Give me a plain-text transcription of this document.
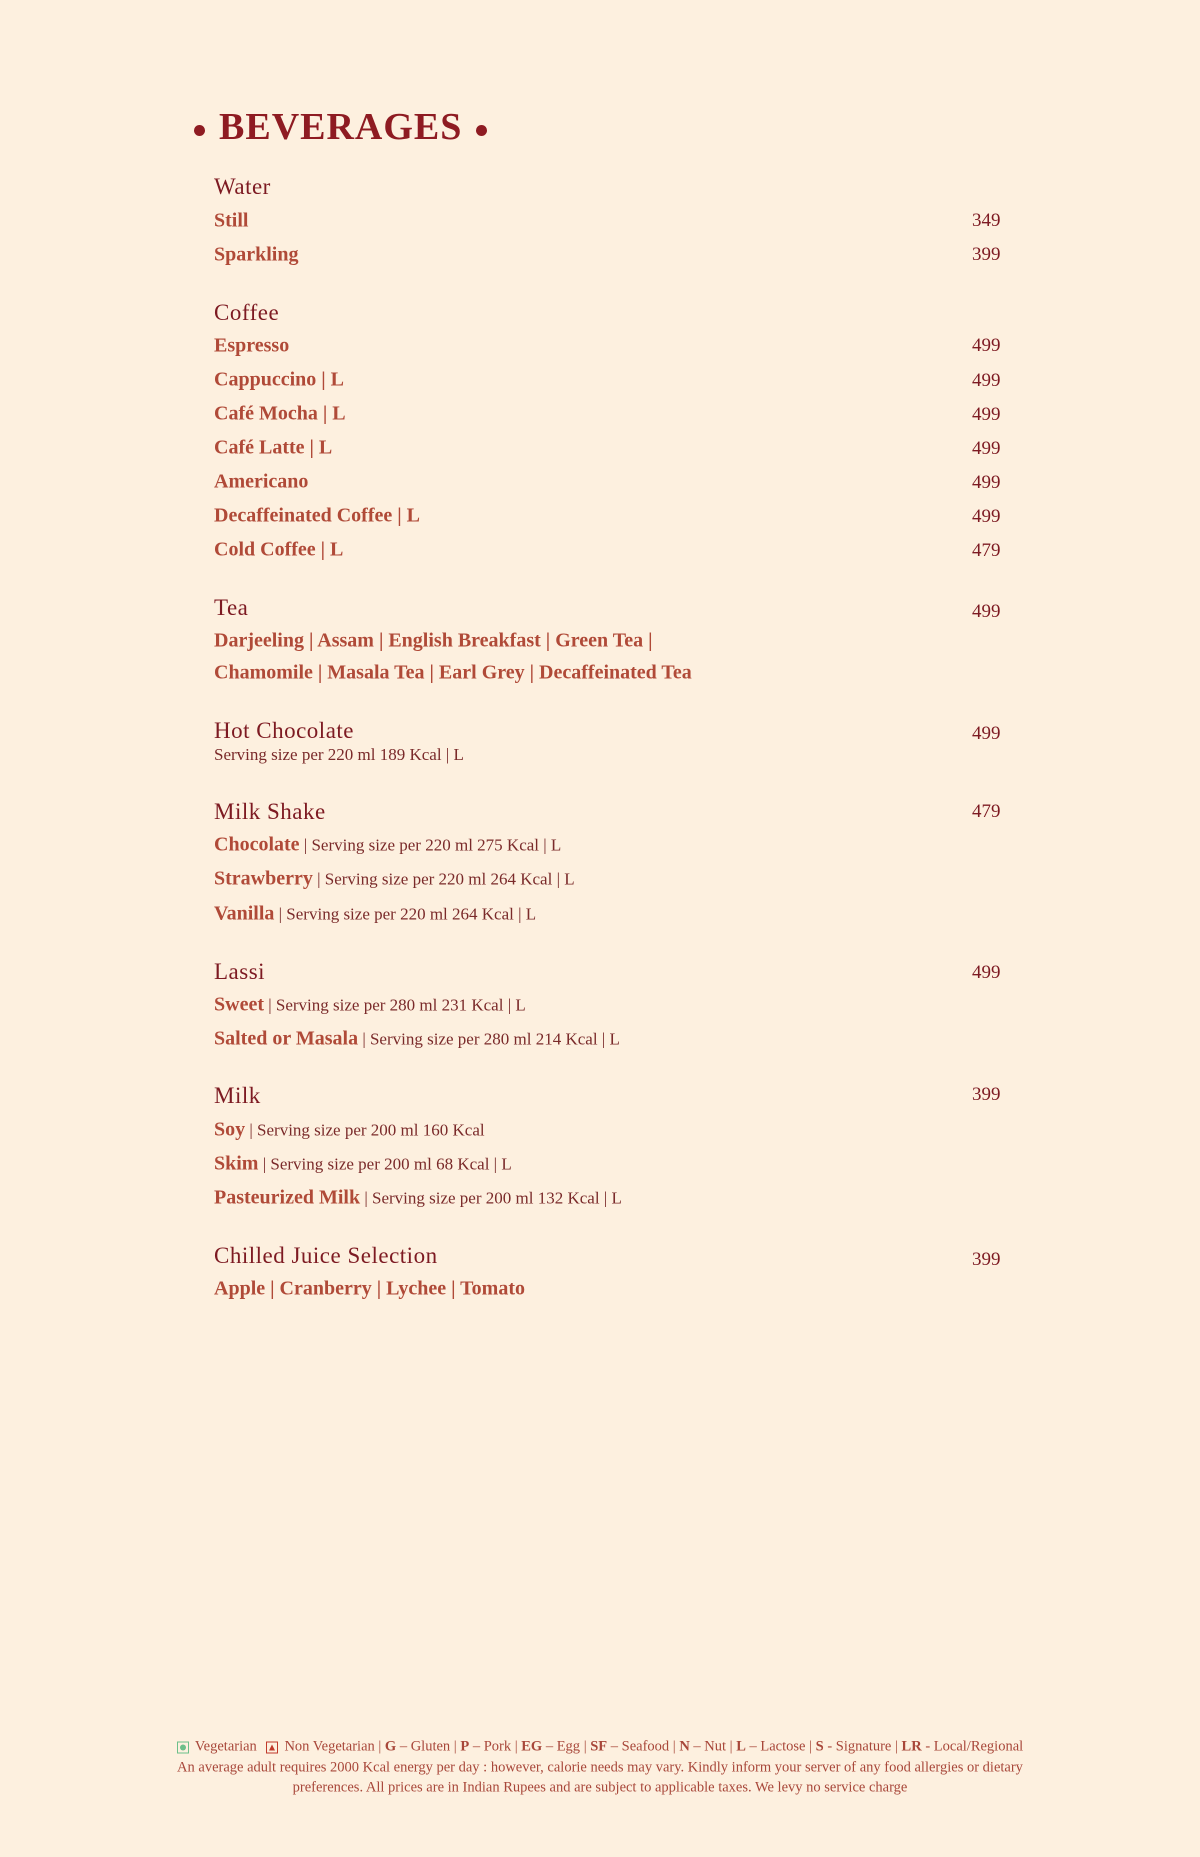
BEVERAGES
Water
Still	349
Sparkling	399
Coffee
Espresso	499
Cappuccino | L	499
Café Mocha | L	499
Café Latte | L	499
Americano	499
Decaffeinated Coffee | L	499
Cold Coffee | L	479
Tea	499
Darjeeling | Assam | English Breakfast | Green Tea |
Chamomile | Masala Tea | Earl Grey | Decaffeinated Tea
Hot Chocolate	499
Serving size per 220 ml 189 Kcal | L
Milk Shake	479
Chocolate | Serving size per 220 ml 275 Kcal | L
Strawberry | Serving size per 220 ml 264 Kcal | L
Vanilla | Serving size per 220 ml 264 Kcal | L
Lassi	499
Sweet | Serving size per 280 ml 231 Kcal | L
Salted or Masala | Serving size per 280 ml 214 Kcal | L
Milk	399
Soy | Serving size per 200 ml 160 Kcal
Skim | Serving size per 200 ml 68 Kcal | L
Pasteurized Milk | Serving size per 200 ml 132 Kcal | L
Chilled Juice Selection	399
Apple | Cranberry | Lychee | Tomato
Vegetarian Non Vegetarian | G – Gluten | P – Pork | EG – Egg | SF – Seafood | N – Nut | L – Lactose | S - Signature | LR - Local/Regional
An average adult requires 2000 Kcal energy per day : however, calorie needs may vary. Kindly inform your server of any food allergies or dietary
preferences. All prices are in Indian Rupees and are subject to applicable taxes. We levy no service charge
